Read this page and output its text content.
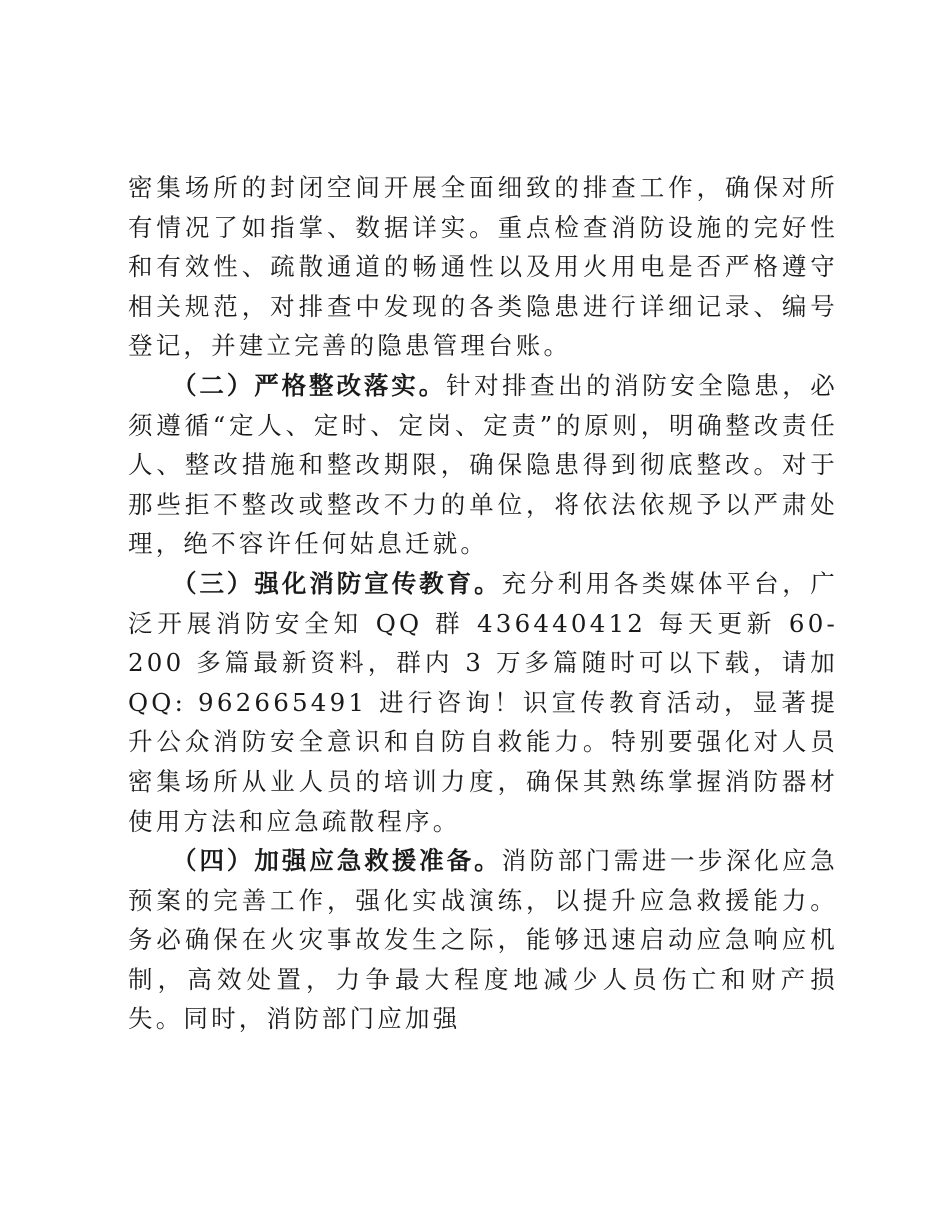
密集场所的封闭空间开展全面细致的排查工作，确保对所有情况了如指掌、数据详实。重点检查消防设施的完好性和有效性、疏散通道的畅通性以及用火用电是否严格遵守相关规范，对排查中发现的各类隐患进行详细记录、编号登记，并建立完善的隐患管理台账。

（二）严格整改落实。针对排查出的消防安全隐患，必须遵循“定人、定时、定岗、定责”的原则，明确整改责任人、整改措施和整改期限，确保隐患得到彻底整改。对于那些拒不整改或整改不力的单位，将依法依规予以严肃处理，绝不容许任何姑息迁就。

（三）强化消防宣传教育。充分利用各类媒体平台，广泛开展消防安全知 QQ 群 436440412 每天更新 60-200 多篇最新资料，群内 3 万多篇随时可以下载，请加 QQ: 962665491 进行咨询！识宣传教育活动，显著提升公众消防安全意识和自防自救能力。特别要强化对人员密集场所从业人员的培训力度，确保其熟练掌握消防器材使用方法和应急疏散程序。

（四）加强应急救援准备。消防部门需进一步深化应急预案的完善工作，强化实战演练，以提升应急救援能力。务必确保在火灾事故发生之际，能够迅速启动应急响应机制，高效处置，力争最大程度地减少人员伤亡和财产损失。同时，消防部门应加强
